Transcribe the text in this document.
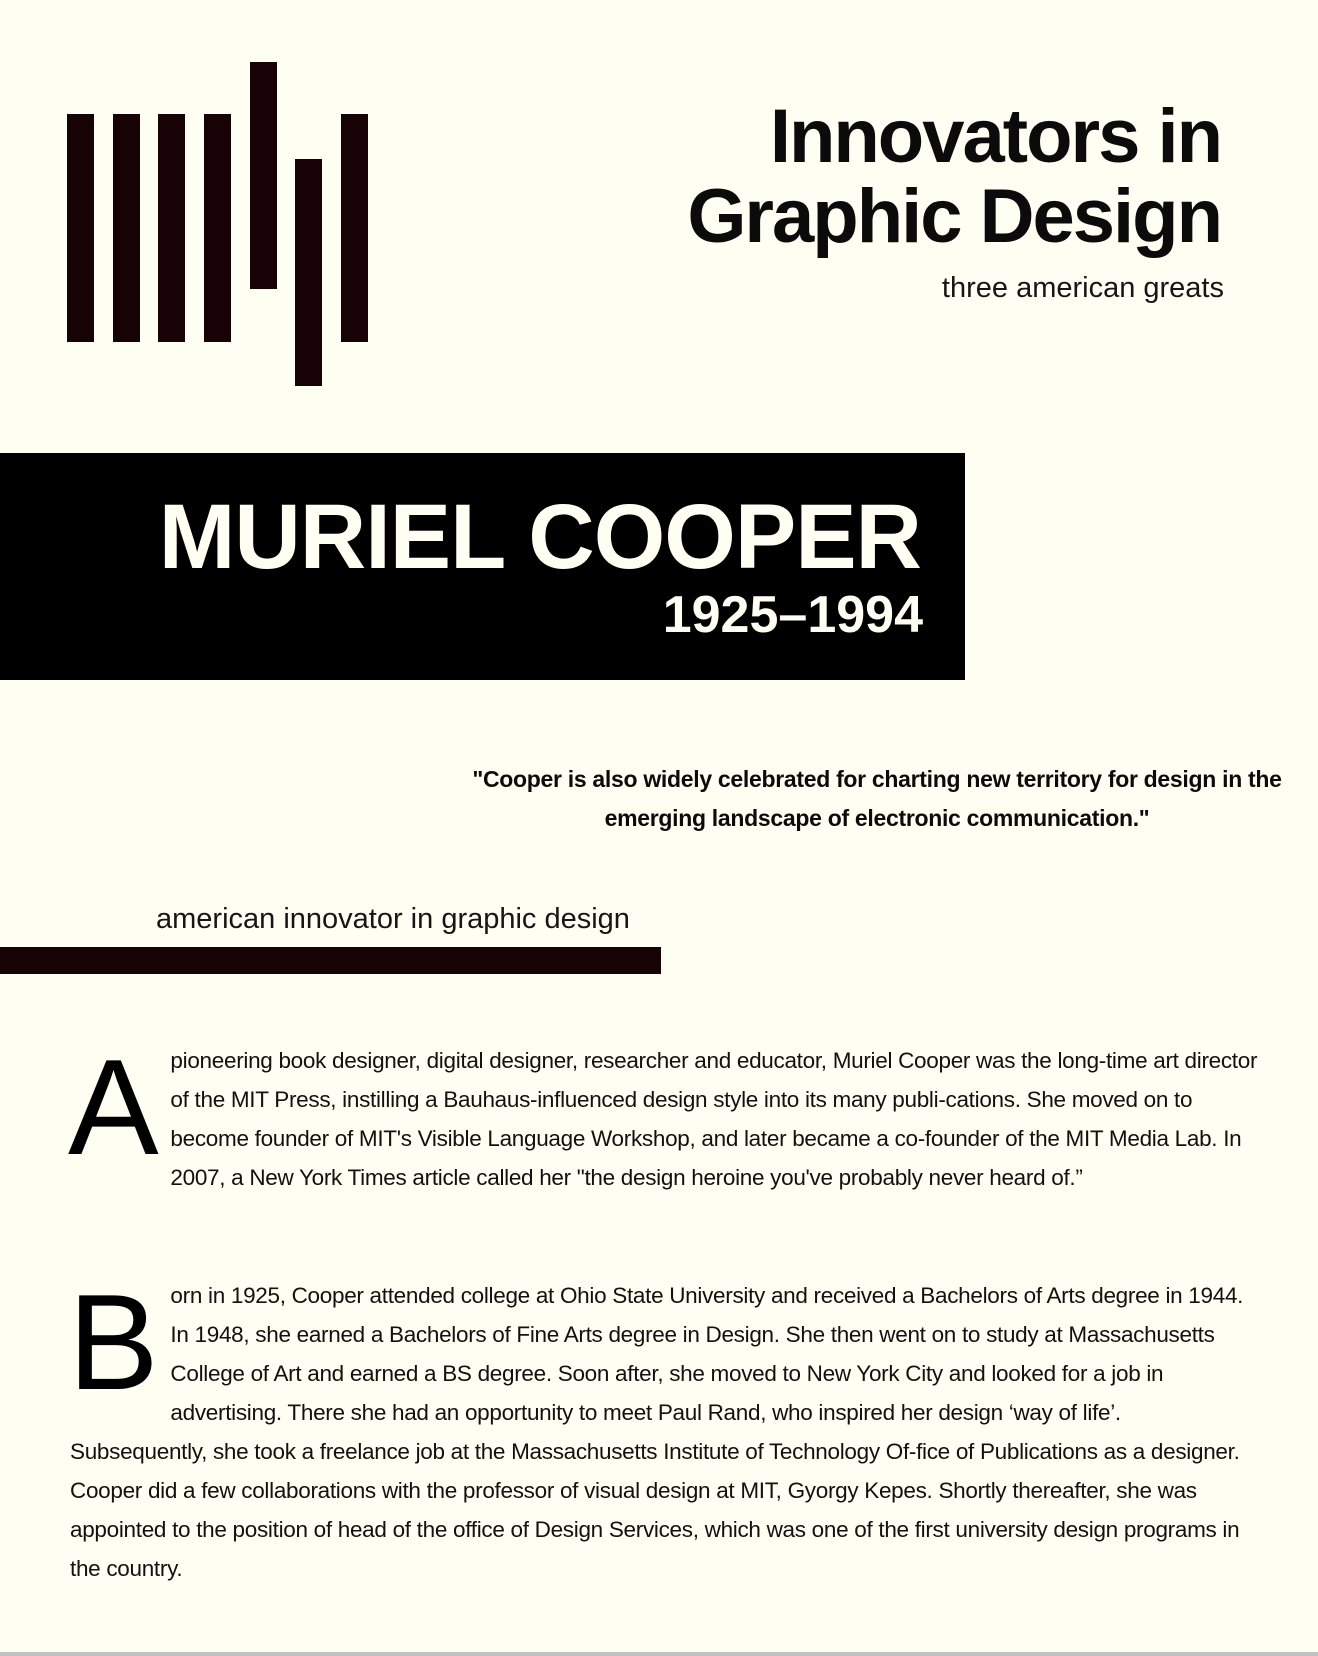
Innovators in
Graphic Design

three american greats

MURIEL COOPER

1925–1994

"Cooper is also widely celebrated for charting new territory for design in the emerging landscape of electronic communication."

american innovator in graphic design

A pioneering book designer, digital designer, researcher and educator, Muriel Cooper was the long-time art director of the MIT Press, instilling a Bauhaus-influenced design style into its many publi-cations. She moved on to become founder of MIT's Visible Language Workshop, and later became a co-founder of the MIT Media Lab. In 2007, a New York Times article called her "the design heroine you've probably never heard of.”

Born in 1925, Cooper attended college at Ohio State University and received a Bachelors of Arts degree in 1944. In 1948, she earned a Bachelors of Fine Arts degree in Design. She then went on to study at Massachusetts College of Art and earned a BS degree. Soon after, she moved to New York City and looked for a job in advertising. There she had an opportunity to meet Paul Rand, who inspired her design ‘way of life’. Subsequently, she took a freelance job at the Massachusetts Institute of Technology Of-fice of Publications as a designer. Cooper did a few collaborations with the professor of visual design at MIT, Gyorgy Kepes. Shortly thereafter, she was appointed to the position of head of the office of Design Services, which was one of the first university design programs in the country.
